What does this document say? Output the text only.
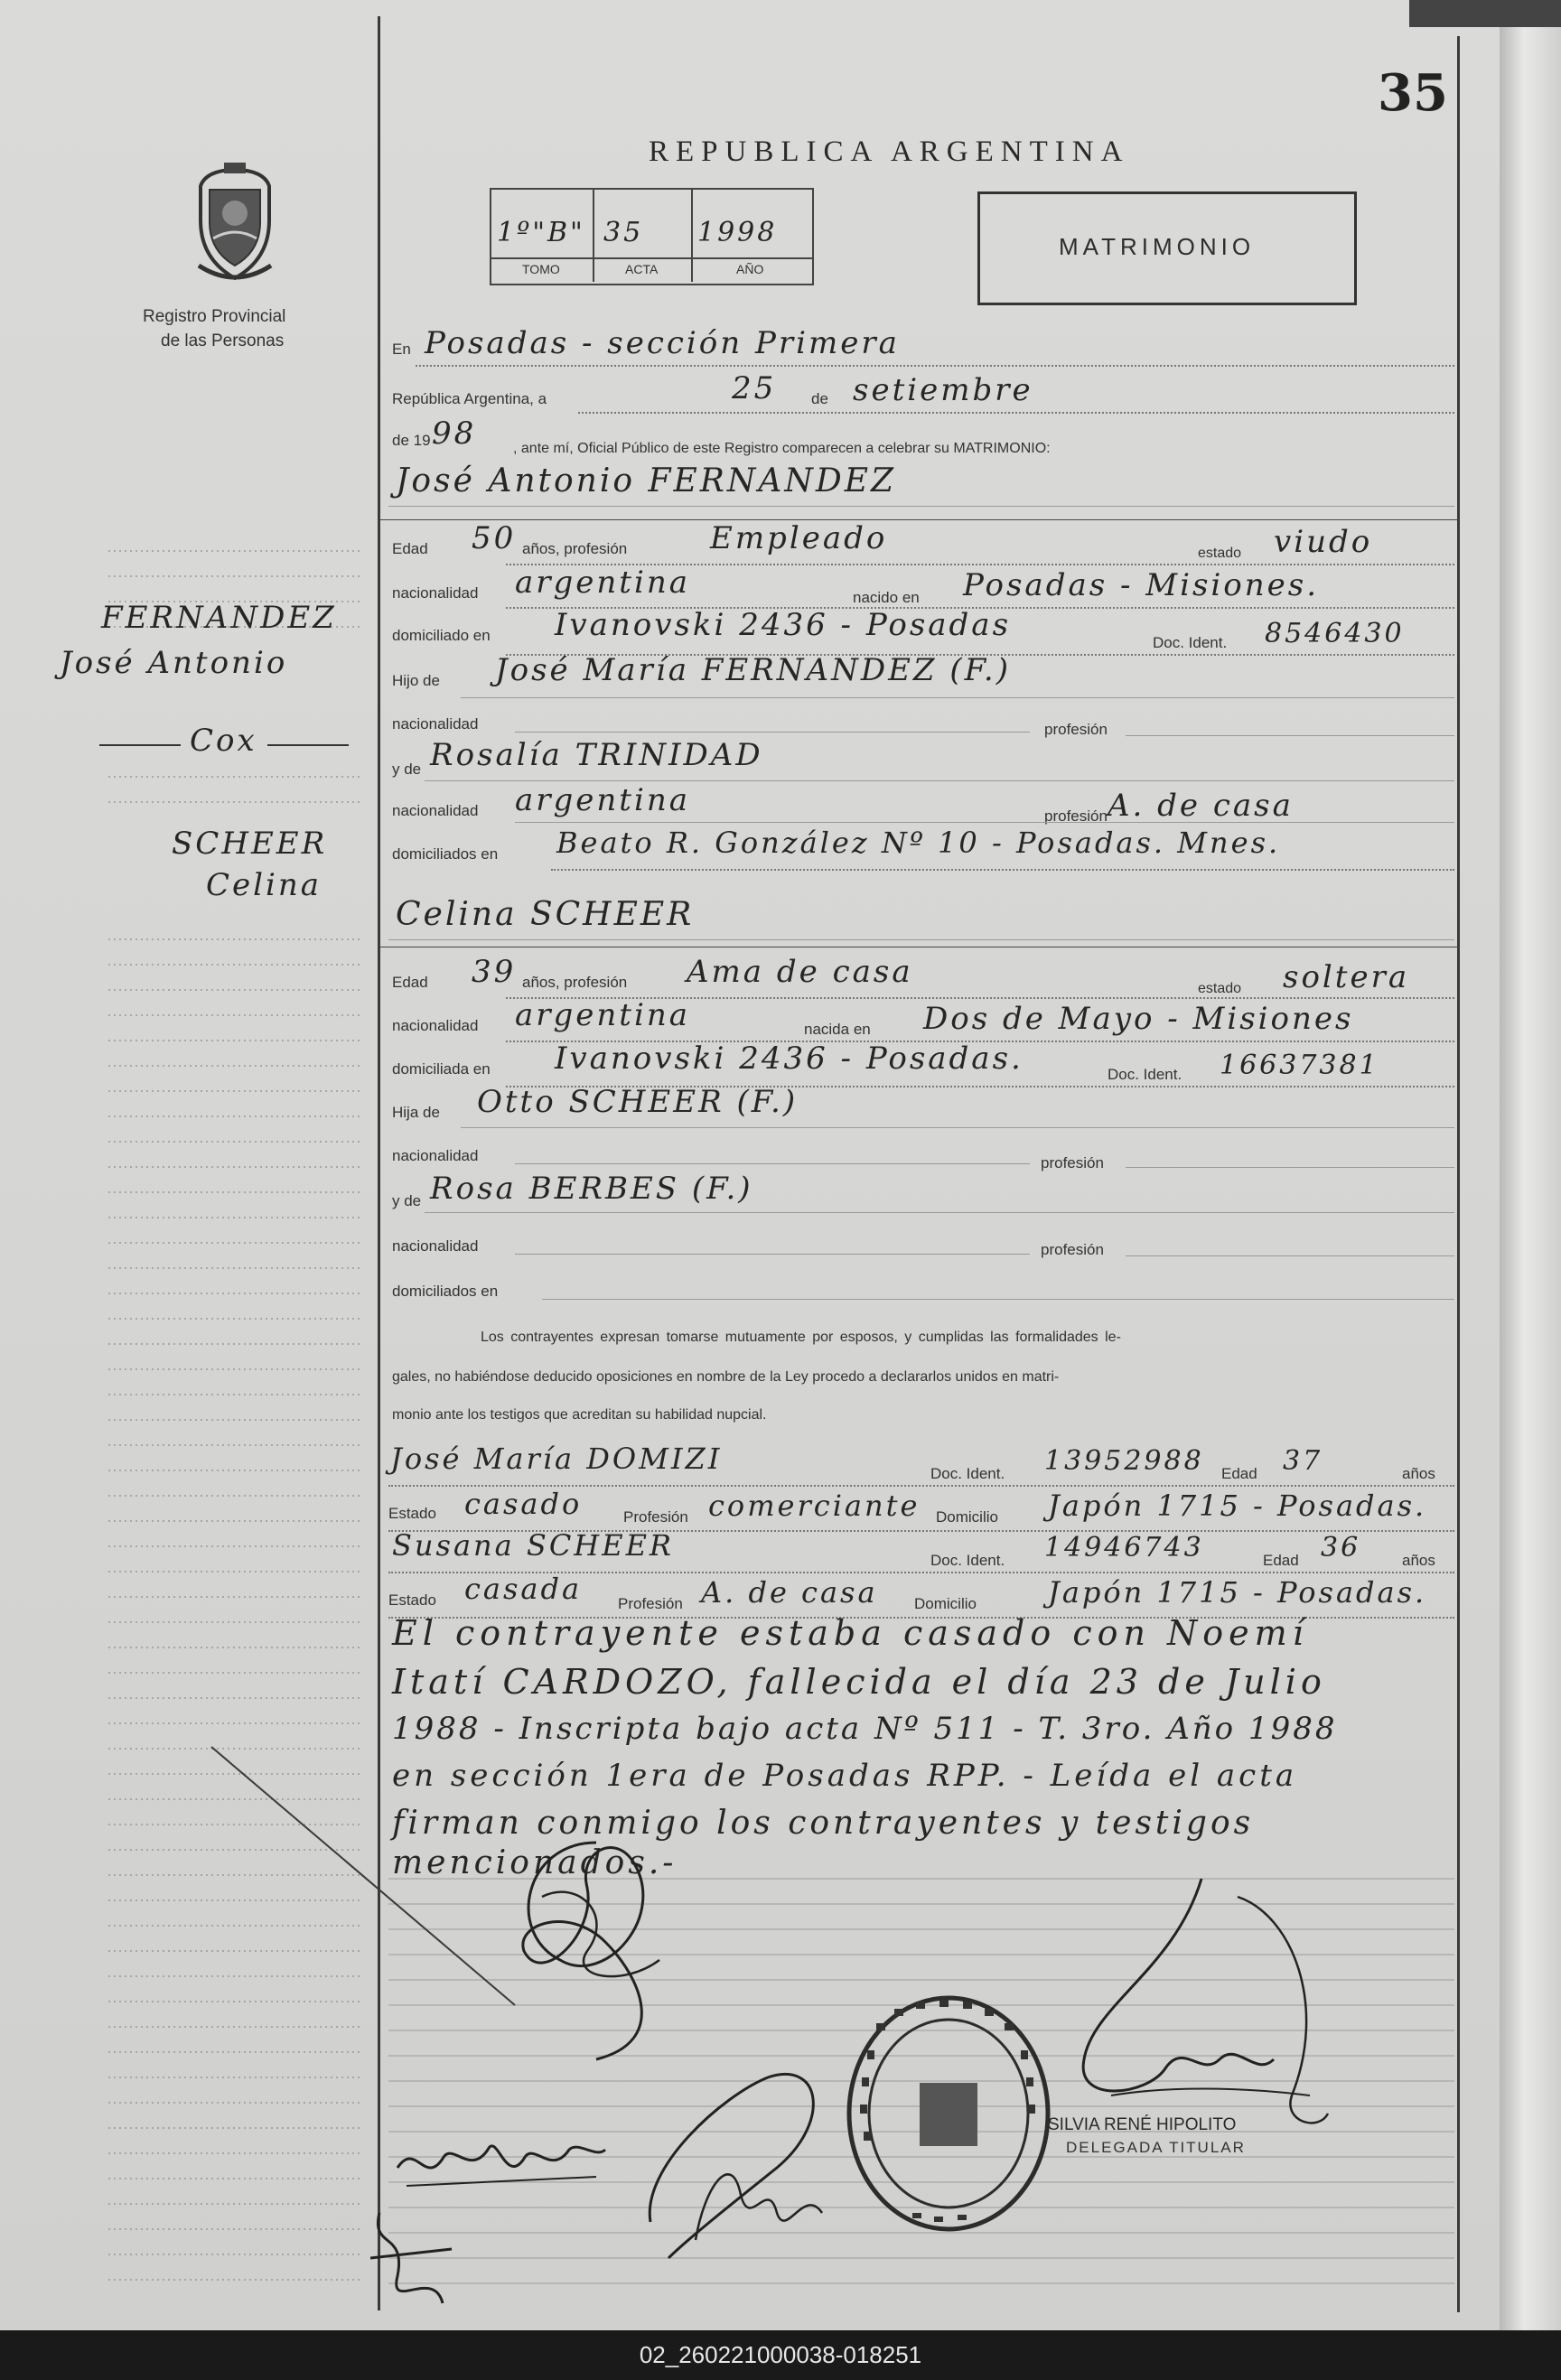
35
REPUBLICA ARGENTINA
Registro Provincial
de las Personas
1º"B" 35 1998
TOMO	ACTA	AÑO
MATRIMONIO
En Posadas - sección Primera
República Argentina, a	25 de setiembre
de 19 98	, ante mí, Oficial Público de este Registro comparecen a celebrar su MATRIMONIO:
José Antonio FERNANDEZ
Edad 50 años, profesión	Empleado	estado viudo
nacionalidad argentina	nacido en Posadas - Misiones.
domiciliado en Ivanovski 2436 - Posadas	Doc. Ident. 8546430
Hijo de José María FERNANDEZ (F.)
nacionalidad	profesión
y de Rosalía TRINIDAD
nacionalidad argentina	profesión A. de casa
domiciliados en Beato R. González Nº 10 - Posadas. Mnes.
Celina SCHEER
Edad 39 años, profesión Ama de casa	estado soltera
nacionalidad argentina	nacida en Dos de Mayo - Misiones
domiciliada en Ivanovski 2436 - Posadas.	Doc. Ident. 16637381
Hija de Otto SCHEER (F.)
nacionalidad	profesión
y de Rosa BERBES (F.)
nacionalidad	profesión
domiciliados en
Los contrayentes expresan tomarse mutuamente por esposos, y cumplidas las formalidades le-
gales, no habiéndose deducido oposiciones en nombre de la Ley procedo a declararlos unidos en matri-
monio ante los testigos que acreditan su habilidad nupcial.
José María DOMIZI	Doc. Ident. 13952988 Edad 37	años
Estado casado	Profesión comerciante Domicilio Japón 1715 - Posadas.
Susana SCHEER	Doc. Ident. 14946743	Edad 36	años
Estado casada Profesión A. de casa Domicilio Japón 1715 - Posadas.
El contrayente estaba casado con Noemí
Itatí CARDOZO, fallecida el día 23 de Julio
1988 - Inscripta bajo acta Nº 511 - T. 3ro. Año 1988
en sección 1era de Posadas RPP. - Leída el acta
firman conmigo los contrayentes y testigos
mencionados.-
FERNANDEZ
José Antonio
Cox
SCHEER
Celina
SILVIA RENÉ HIPOLITO
DELEGADA TITULAR
02_260221000038-018251
